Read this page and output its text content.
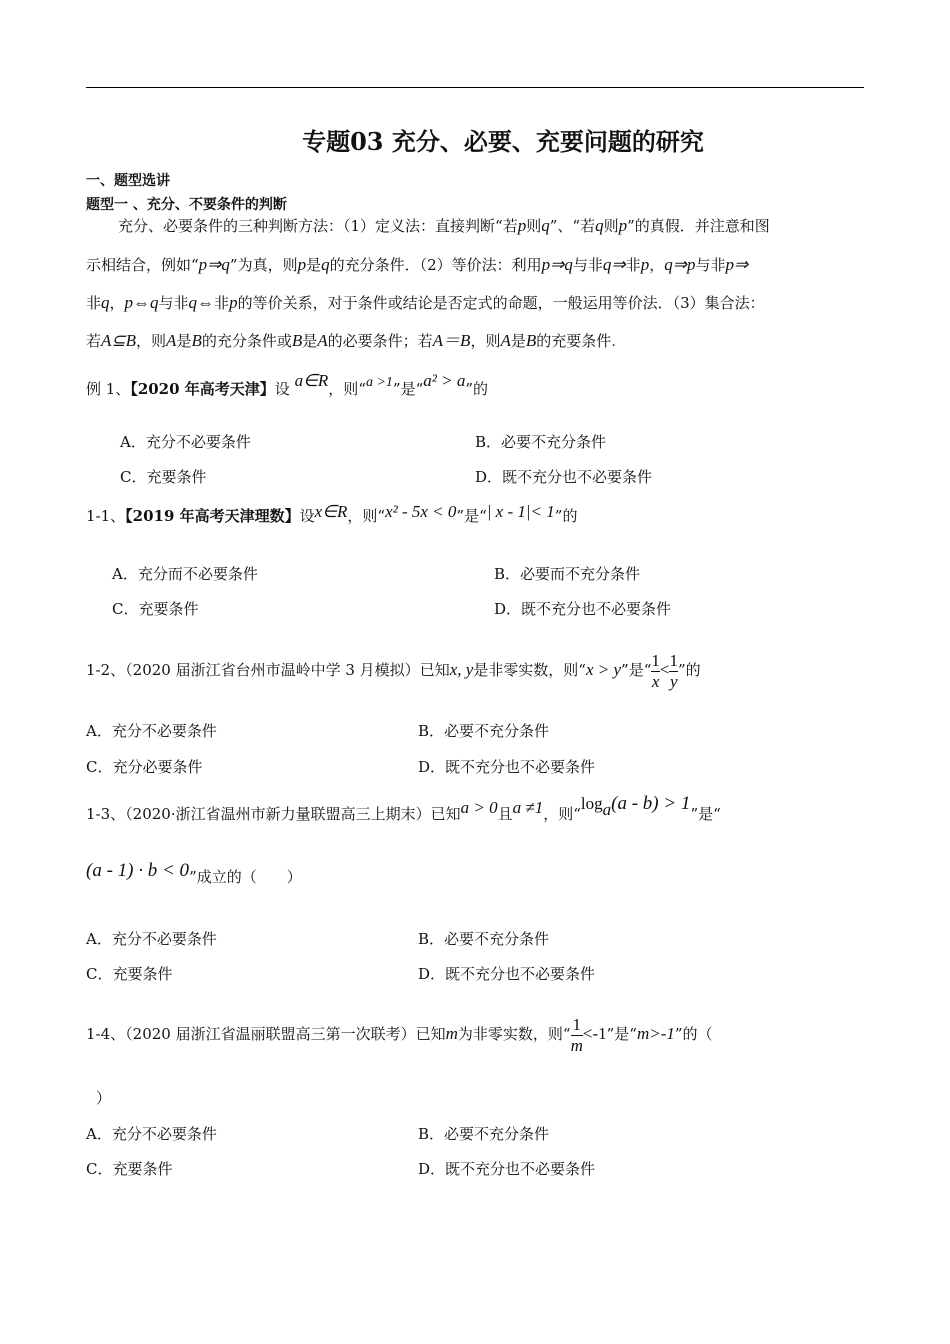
专题03 充分、必要、充要问题的研究
一、题型选讲
题型一 、充分、不要条件的判断
充分、必要条件的三种判断方法：（1）定义法：直接判断“若p则q”、“若q则p”的真假．并注意和图
示相结合，例如“p⇒q”为真，则p是q的充分条件．（2）等价法：利用p⇒q与非q⇒非p，q⇒p与非p⇒
非q，p⇔q与非q⇔非p的等价关系，对于条件或结论是否定式的命题，一般运用等价法．（3）集合法：
若A⊆B，则A是B的充分条件或B是A的必要条件；若A＝B，则A是B的充要条件.
例 1、【2020 年高考天津】设 a∈R，则“a >1”是“a² > a”的
A．充分不必要条件	B．必要不充分条件
C．充要条件	D．既不充分也不必要条件
1-1、【2019 年高考天津理数】设x∈R，则“x² - 5x < 0”是“| x - 1|< 1”的
A．充分而不必要条件	B．必要而不充分条件
C．充要条件	D．既不充分也不必要条件
1-2、（2020 届浙江省台州市温岭中学 3 月模拟）已知x, y是非零实数，则“x > y”是“ $\frac{1}{x} < \frac{1}{y}$ ”的
A．充分不必要条件	B．必要不充分条件
C．充分必要条件	D．既不充分也不必要条件
1-3、（2020·浙江省温州市新力量联盟高三上期末）已知a > 0且a ≠1，则“$\log_a(a - b) > 1$”是“
(a - 1) · b < 0”成立的（　　）
A．充分不必要条件	B．必要不充分条件
C．充要条件	D．既不充分也不必要条件
1-4、（2020 届浙江省温丽联盟高三第一次联考）已知m为非零实数，则“ $\frac{1}{m} <-1$”是“m>-1”的（
）
A．充分不必要条件	B．必要不充分条件
C．充要条件	D．既不充分也不必要条件
